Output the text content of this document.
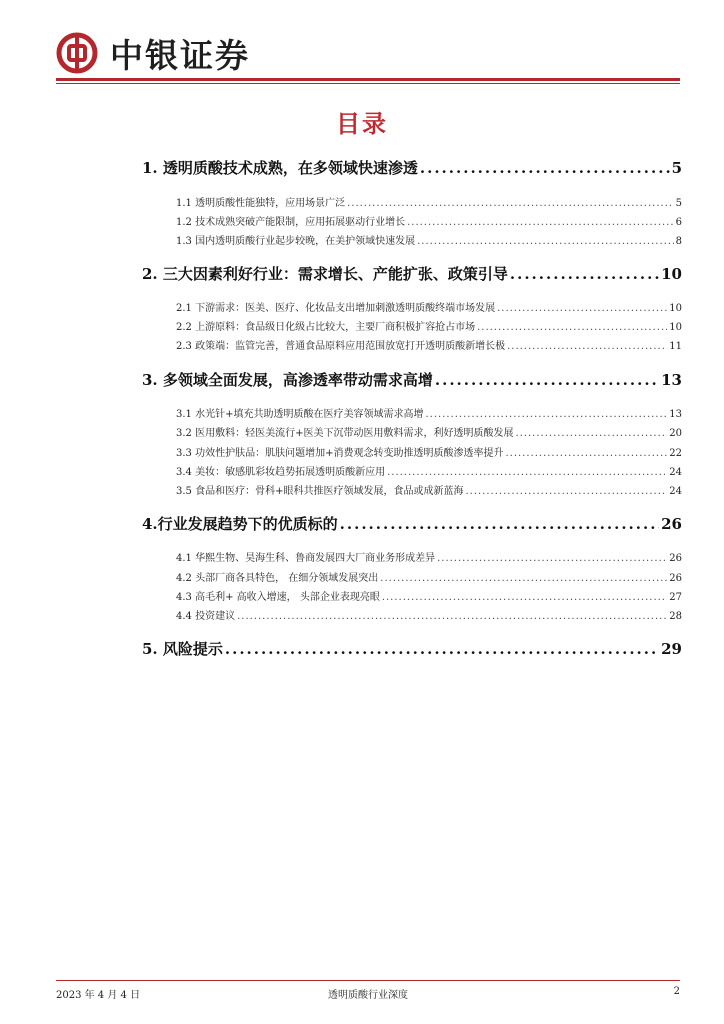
中银证券
目录
1. 透明质酸技术成熟，在多领域快速渗透 .....	5
1.1 透明质酸性能独特，应用场景广泛 .....	5
1.2 技术成熟突破产能限制，应用拓展驱动行业增长 .....	6
1.3 国内透明质酸行业起步较晚，在美护领域快速发展 .....	8
2. 三大因素利好行业：需求增长、产能扩张、政策引导 .....	10
2.1 下游需求：医美、医疗、化妆品支出增加刺激透明质酸终端市场发展 .....	10
2.2 上游原料：食品级日化级占比较大，主要厂商积极扩容抢占市场 .....	10
2.3 政策端：监管完善，普通食品原料应用范围放宽打开透明质酸新增长极 .....	11
3. 多领域全面发展，高渗透率带动需求高增 .....	13
3.1 水光针+填充共助透明质酸在医疗美容领域需求高增 .....	13
3.2 医用敷料：轻医美流行+医美下沉带动医用敷料需求，利好透明质酸发展 .....	20
3.3 功效性护肤品：肌肤问题增加+消费观念转变助推透明质酸渗透率提升 .....	22
3.4 美妆：敏感肌彩妆趋势拓展透明质酸新应用 .....	24
3.5 食品和医疗：骨科+眼科共推医疗领域发展，食品或成新蓝海 .....	24
4.行业发展趋势下的优质标的 .....	26
4.1 华熙生物、昊海生科、鲁商发展四大厂商业务形成差异 .....	26
4.2 头部厂商各具特色， 在细分领域发展突出 .....	26
4.3 高毛利+ 高收入增速， 头部企业表现亮眼 .....	27
4.4 投资建议 .....	28
5. 风险提示 .....	29
2023 年 4 月 4 日	透明质酸行业深度	2
